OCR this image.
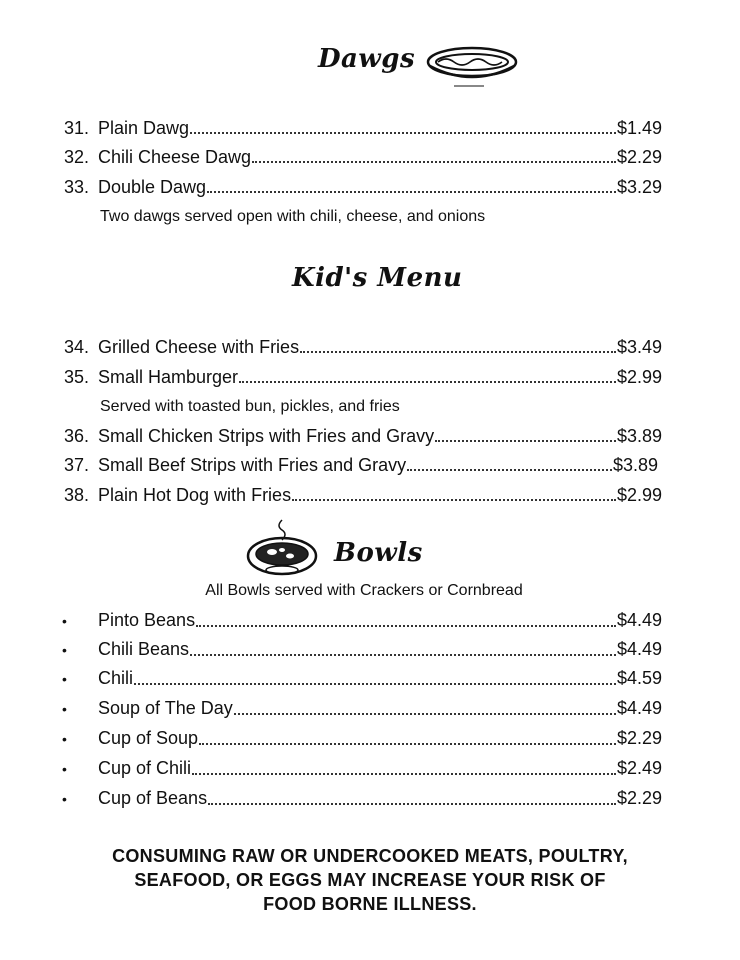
Dawgs
31. Plain Dawg	$1.49
32. Chili Cheese Dawg	$2.29
33. Double Dawg	$3.29
Two dawgs served open with chili, cheese, and onions
Kid's Menu
34. Grilled Cheese with Fries	$3.49
35. Small Hamburger	$2.99
Served with toasted bun, pickles, and fries
36. Small Chicken Strips with Fries and Gravy	$3.89
37. Small Beef Strips with Fries and Gravy	$3.89
38. Plain Hot Dog with Fries	$2.99
Bowls
All Bowls served with Crackers or Cornbread
•	Pinto Beans	$4.49
•	Chili Beans	$4.49
•	Chili	$4.59
•	Soup of The Day	$4.49
•	Cup of Soup	$2.29
•	Cup of Chili	$2.49
•	Cup of Beans	$2.29
CONSUMING RAW OR UNDERCOOKED MEATS, POULTRY,
SEAFOOD, OR EGGS MAY INCREASE YOUR RISK OF
FOOD BORNE ILLNESS.
